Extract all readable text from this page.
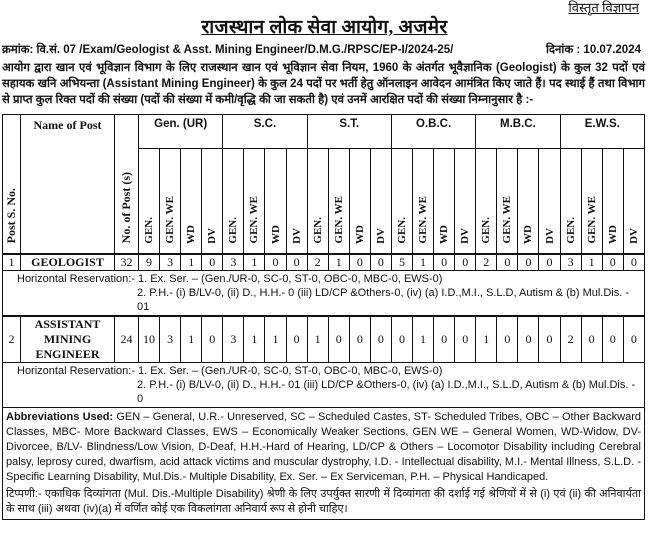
विस्तृत विज्ञापन
राजस्थान लोक सेवा आयोग, अजमेर
क्रमांक: वि.सं. 07 /Exam/Geologist & Asst. Mining Engineer/D.M.G./RPSC/EP-I/2024-25/	दिनांक : 10.07.2024
आयोग द्वारा खान एवं भूविज्ञान विभाग के लिए राजस्थान खान एवं भूविज्ञान सेवा नियम, 1960 के अंतर्गत भूवैज्ञानिक (Geologist) के कुल 32 पदों एवं सहायक खनि अभियन्ता (Assistant Mining Engineer) के कुल 24 पदों पर भर्ती हेतु ऑनलाइन आवेदन आमंत्रित किए जाते हैं। पद स्थाई हैं तथा विभाग से प्राप्त कुल रिक्त पदों की संख्या (पदों की संख्या में कमी/वृद्धि की जा सकती है) एवं उनमें आरक्षित पदों की संख्या निम्नानुसार है :-
Post S. No.	Name of Post	No. of Post (s)	Gen. (UR)				S.C.				S.T.				O.B.C.				M.B.C.				E.W.S.			
			GEN.	GEN. WE	WD	DV	GEN.	GEN. WE	WD	DV	GEN.	GEN. WE	WD	DV	GEN.	GEN. WE	WD	DV	GEN.	GEN. WE	WD	DV	GEN.	GEN. WE	WD	DV
1	GEOLOGIST	32	9	3	1	0	3	1	0	0	2	1	0	0	5	1	0	0	2	0	0	0	3	1	0	0

Horizontal Reservation:- 1. Ex. Ser. – (Gen./UR-0, SC-0, ST-0, OBC-0, MBC-0, EWS-0)
2. P.H.- (i) B/LV-0, (ii) D., H.H.- 0 (iii) LD/CP &Others-0, (iv) (a) I.D.,M.I., S.L.D, Autism & (b) Mul.Dis. - 01																										

2	ASSISTANT MINING ENGINEER	24	10	3	1	0	3	1	1	0	1	0	0	0	0	1	0	0	1	0	0	0	2	0	0	0

Horizontal Reservation:- 1. Ex. Ser. – (Gen./UR-0, SC-0, ST-0, OBC-0, MBC-0, EWS-0)
2. P.H.- (i) B/LV-0, (ii) D., H.H.- 01 (iii) LD/CP &Others-0, (iv) (a) I.D.,M.I., S.L.D, Autism & (b) Mul.Dis. - 0																										
Abbreviations Used: GEN – General, U.R.- Unreserved, SC – Scheduled Castes, ST- Scheduled Tribes, OBC – Other Backward Classes, MBC- More Backward Classes, EWS – Economically Weaker Sections, GEN WE – General Women, WD-Widow, DV-Divorcee, B/LV- Blindness/Low Vision, D-Deaf, H.H.-Hard of Hearing, LD/CP & Others – Locomotor Disability including Cerebral palsy, leprosy cured, dwarfism, acid attack victims and muscular dystrophy, I.D. - Intellectual disability, M.I.- Mental Illness, S.L.D. - Specific Learning Disability, Mul.Dis.- Multiple Disability, Ex. Ser. – Ex Serviceman, P.H. – Physical Handicaped.
टिप्पणी:- एकाधिक दिव्यांगता (Mul. Dis.-Multiple Disability) श्रेणी के लिए उपर्युक्त सारणी में दिव्यांगता की दर्शाई गई श्रेणियों में से (i) एवं (ii) की अनिवार्यता के साथ (iii) अथवा (iv)(a) में वर्णित कोई एक विकलांगता अनिवार्य रूप से होनी चाहिए।
